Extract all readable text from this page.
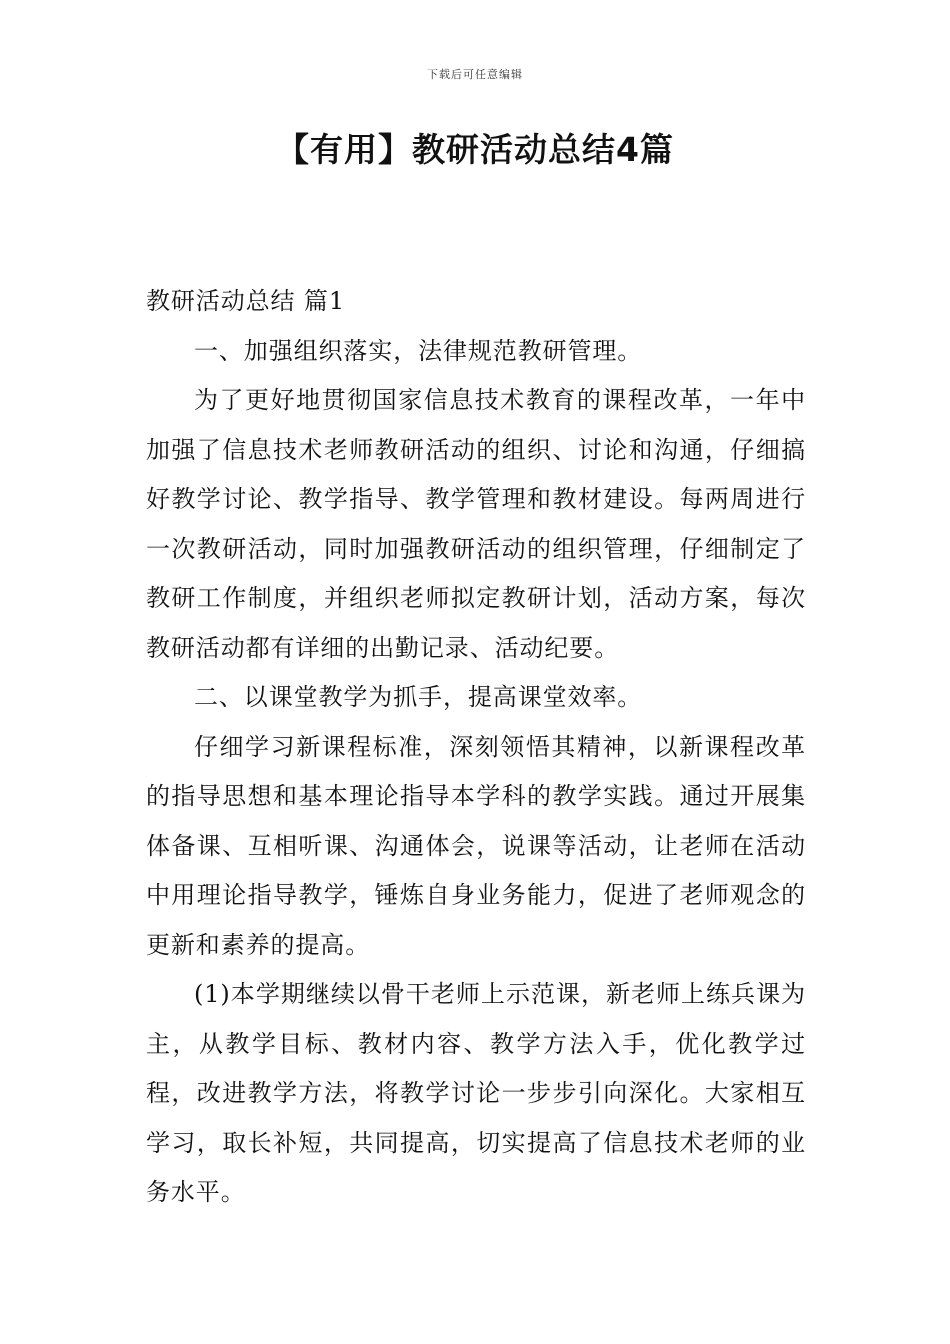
下载后可任意编辑
【有用】教研活动总结4篇

教研活动总结 篇1

一、加强组织落实，法律规范教研管理。

为了更好地贯彻国家信息技术教育的课程改革，一年中加强了信息技术老师教研活动的组织、讨论和沟通，仔细搞好教学讨论、教学指导、教学管理和教材建设。每两周进行一次教研活动，同时加强教研活动的组织管理，仔细制定了教研工作制度，并组织老师拟定教研计划，活动方案，每次教研活动都有详细的出勤记录、活动纪要。

二、以课堂教学为抓手，提高课堂效率。

仔细学习新课程标准，深刻领悟其精神，以新课程改革的指导思想和基本理论指导本学科的教学实践。通过开展集体备课、互相听课、沟通体会，说课等活动，让老师在活动中用理论指导教学，锤炼自身业务能力，促进了老师观念的更新和素养的提高。

(1)本学期继续以骨干老师上示范课，新老师上练兵课为主，从教学目标、教材内容、教学方法入手，优化教学过程，改进教学方法，将教学讨论一步步引向深化。大家相互学习，取长补短，共同提高，切实提高了信息技术老师的业务水平。
